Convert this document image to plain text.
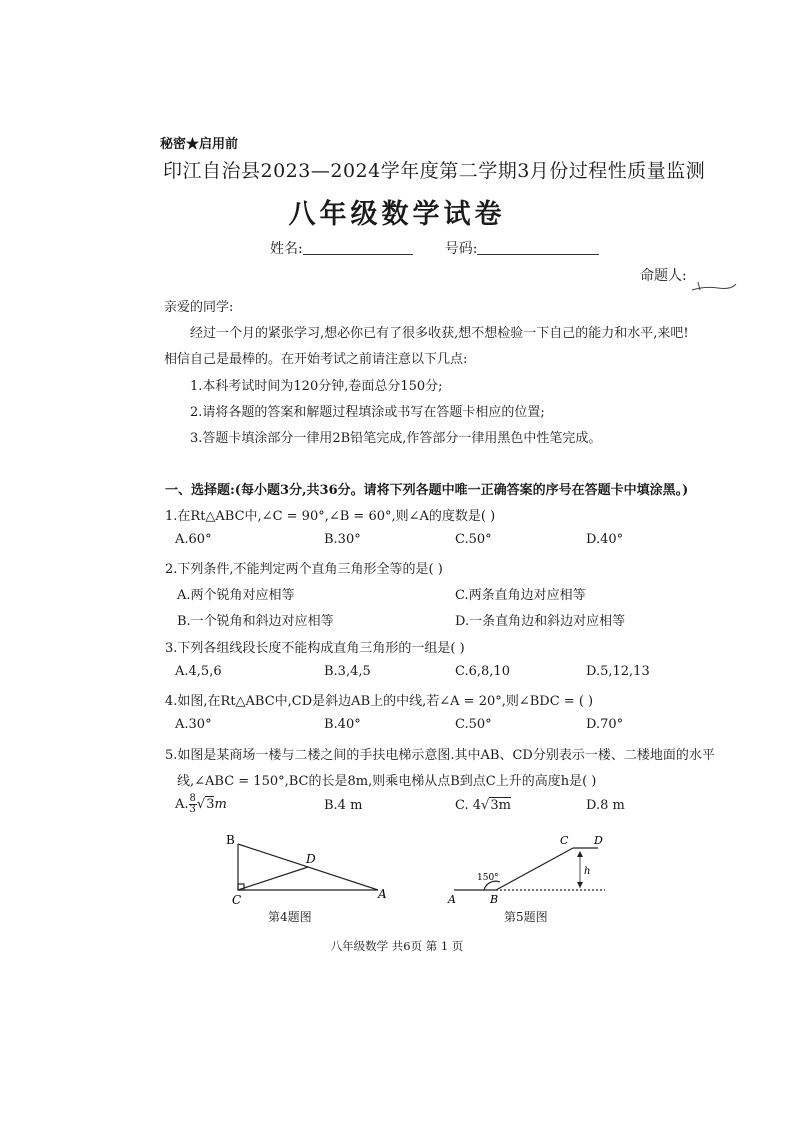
秘密★启用前
印江自治县2023—2024学年度第二学期3月份过程性质量监测
八年级数学试卷
姓名:	号码:
命题人:
亲爱的同学:
经过一个月的紧张学习,想必你已有了很多收获,想不想检验一下自己的能力和水平,来吧!
相信自己是最棒的。在开始考试之前请注意以下几点:
1.本科考试时间为120分钟,卷面总分150分;
2.请将各题的答案和解题过程填涂或书写在答题卡相应的位置;
3.答题卡填涂部分一律用2B铅笔完成,作答部分一律用黑色中性笔完成。
一、选择题:(每小题3分,共36分。请将下列各题中唯一正确答案的序号在答题卡中填涂黑。)
1.在Rt△ABC中,∠C = 90°,∠B = 60°,则∠A的度数是( )
A.60°	B.30°	C.50°	D.40°
2.下列条件,不能判定两个直角三角形全等的是( )
A.两个锐角对应相等	C.两条直角边对应相等
B.一个锐角和斜边对应相等	D.一条直角边和斜边对应相等
3.下列各组线段长度不能构成直角三角形的一组是( )
A.4,5,6	B.3,4,5	C.6,8,10	D.5,12,13
4.如图,在Rt△ABC中,CD是斜边AB上的中线,若∠A = 20°,则∠BDC = ( )
A.30°	B.40°	C.50°	D.70°
5.如图是某商场一楼与二楼之间的手扶电梯示意图.其中AB、CD分别表示一楼、二楼地面的水平
线,∠ABC = 150°,BC的长是8m,则乘电梯从点B到点C上升的高度h是( )
A. $\frac{8}{3} √3m$	B.4 m	C. 4√3m	D.8 m
B
C
D
A
第4题图
A	B
C D
h
150°
第5题图
八年级数学 共6页 第 1 页
